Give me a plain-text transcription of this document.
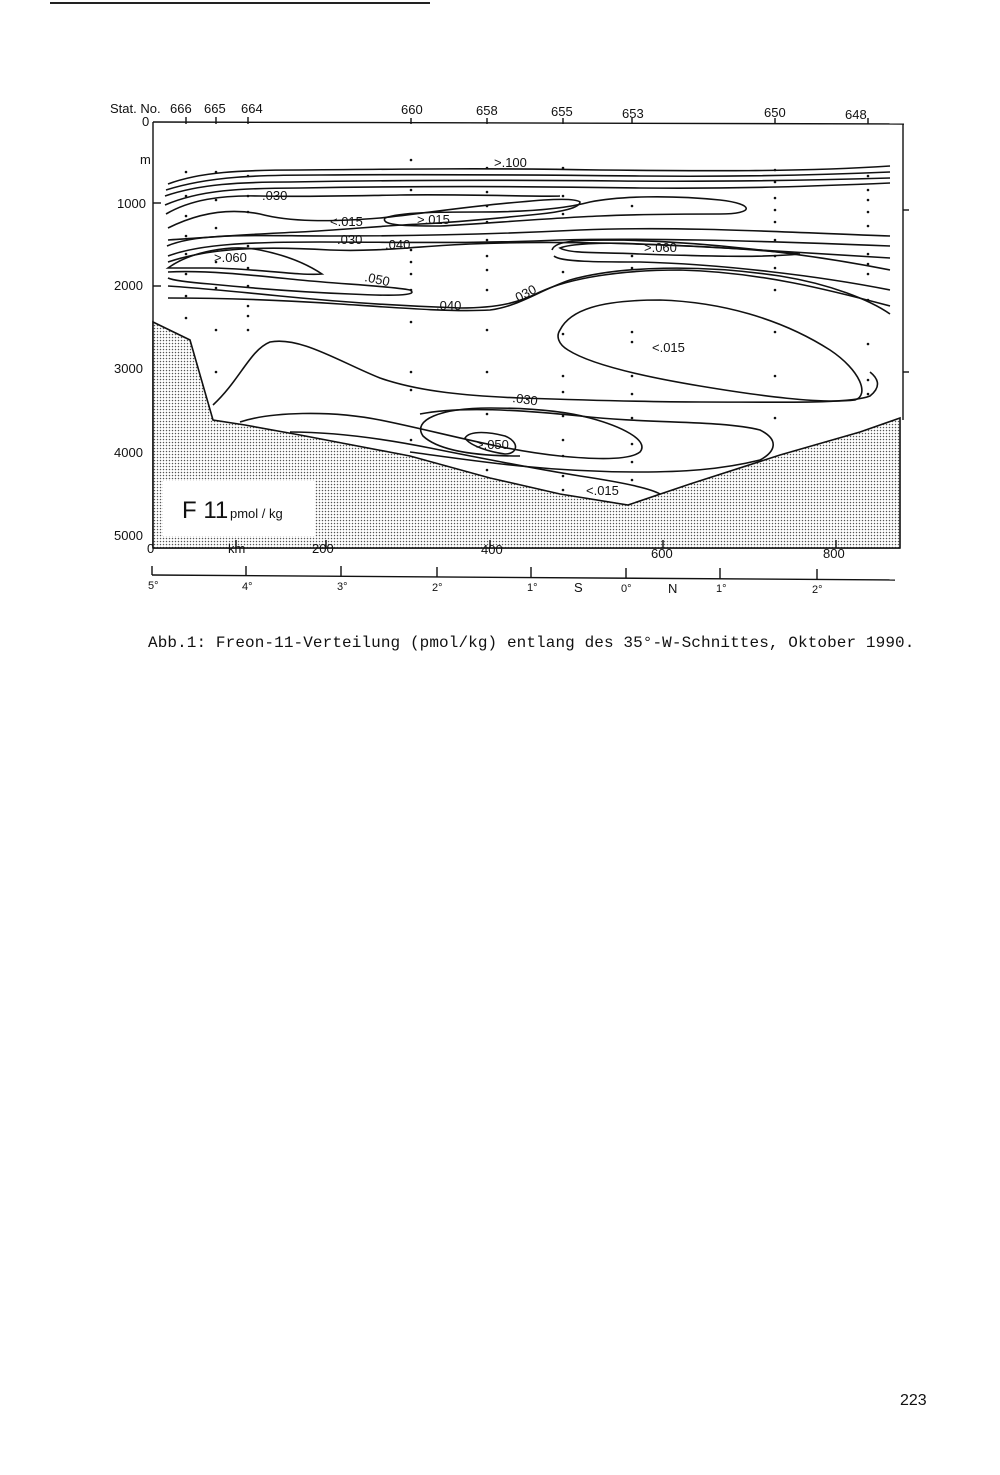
Stat. No. 666 665 664	660	658	655	653	650	648
0
m
1000
2000
3000
4000
5000
F 11 pmol / kg
>.100
.030
<.015	>.015
.030 .040
>.060
>.060
.050
.040	.030
<.015
.030
>.050
<.015
0	km	200	400	600	800
5°	4°	3°	2°	1°	S	0°	N	1°	2°
Abb.1: Freon-11-Verteilung (pmol/kg) entlang des 35°-W-Schnittes, Oktober 1990.
223
